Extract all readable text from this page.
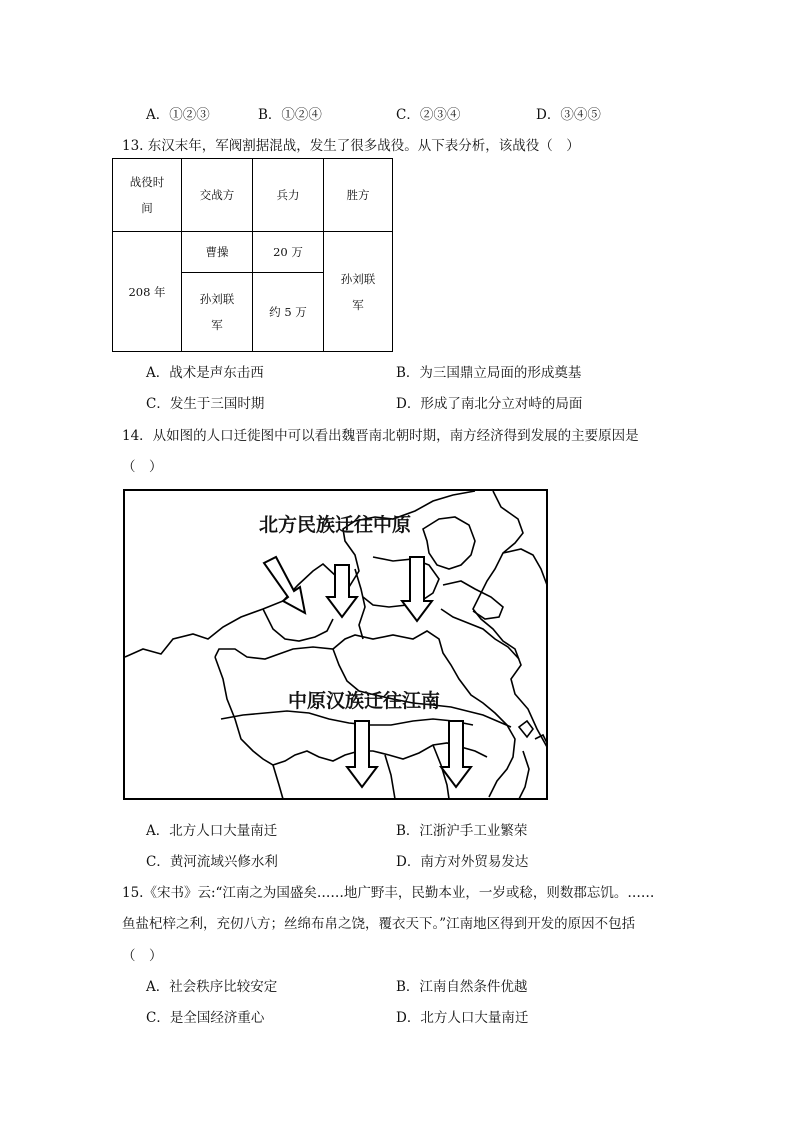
A．①②③	B．①②④	C．②③④	D．③④⑤
13. 东汉末年，军阀割据混战，发生了很多战役。从下表分析，该战役（　）
战役时间	交战方	兵力	胜方
208 年	曹操	20 万	孙刘联军
	孙刘联军	约 5 万	
A．战术是声东击西	B．为三国鼎立局面的形成奠基
C．发生于三国时期	D．形成了南北分立对峙的局面
14．从如图的人口迁徙图中可以看出魏晋南北朝时期，南方经济得到发展的主要原因是
（　）
北方民族迁往中原
中原汉族迁往江南
A．北方人口大量南迁	B．江浙沪手工业繁荣
C．黄河流域兴修水利	D．南方对外贸易发达
15.《宋书》云:“江南之为国盛矣……地广野丰，民勤本业，一岁或稔，则数郡忘饥。……
鱼盐杞梓之利，充仞八方；丝绵布帛之饶，覆衣天下。”江南地区得到开发的原因不包括
（　）
A．社会秩序比较安定	B．江南自然条件优越
C．是全国经济重心	D．北方人口大量南迁
